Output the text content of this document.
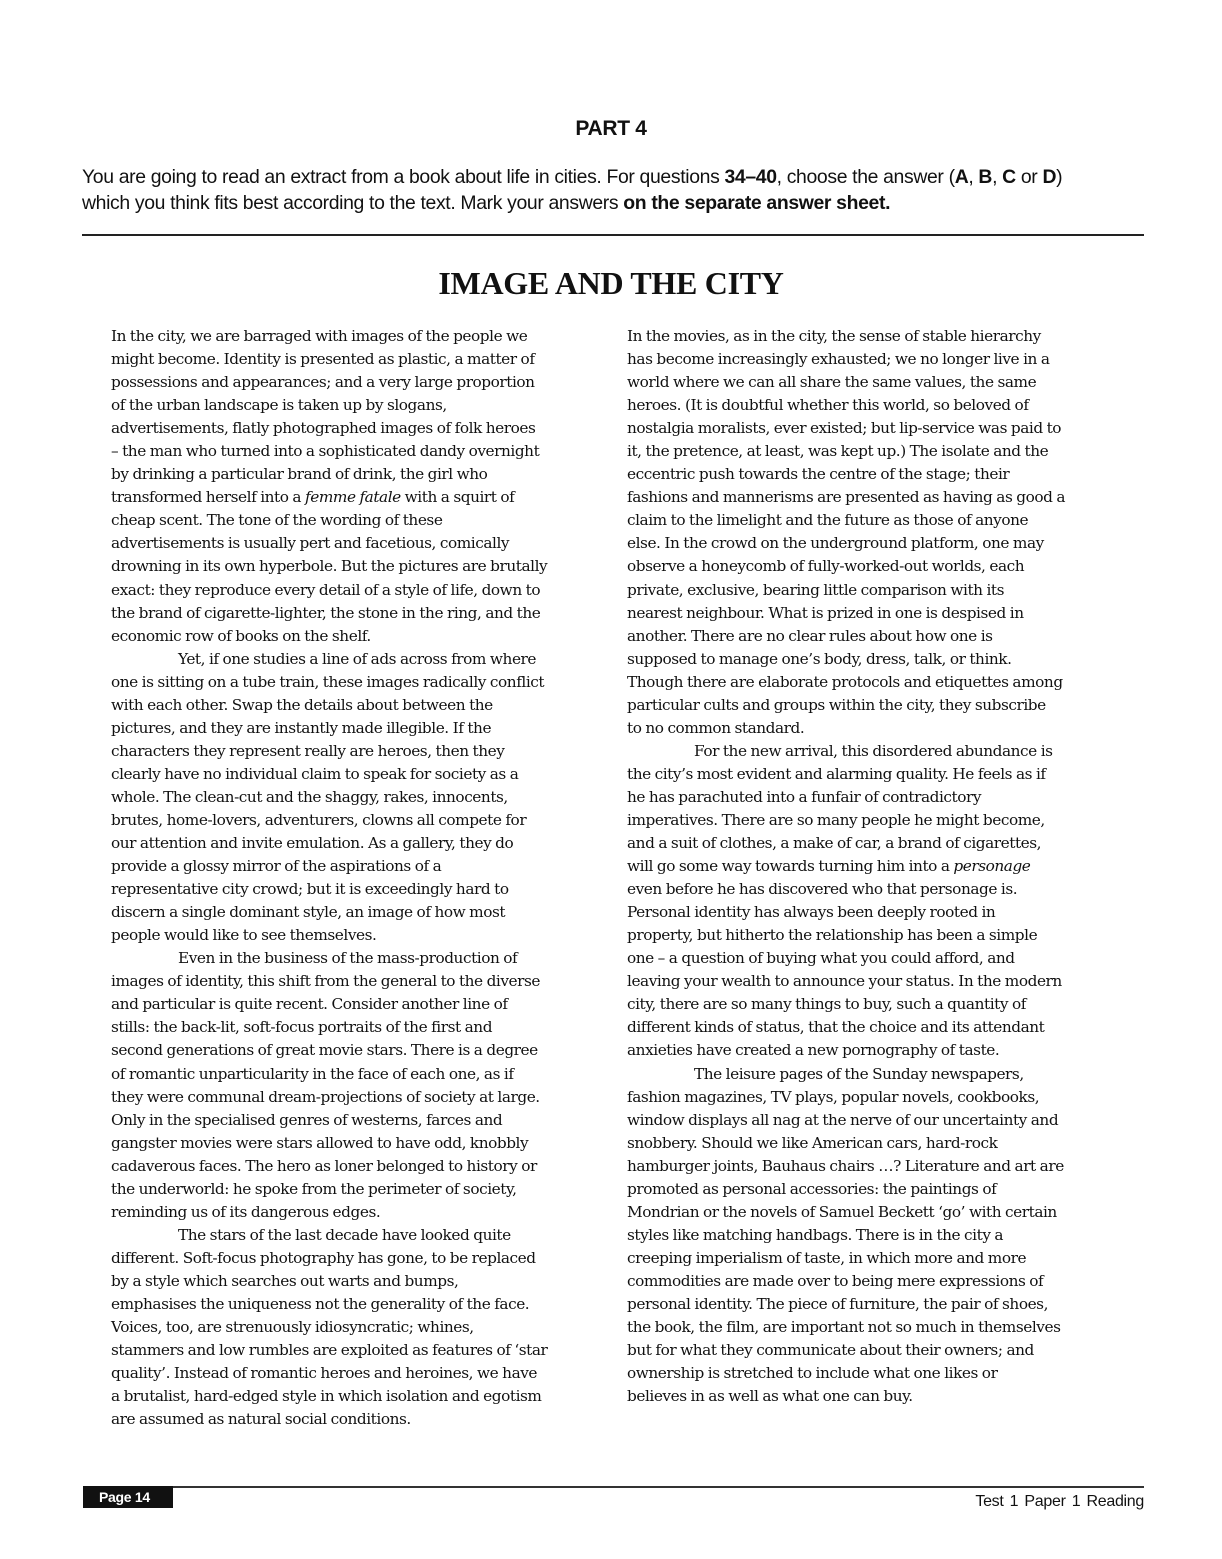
PART 4
You are going to read an extract from a book about life in cities. For questions 34–40, choose the answer (A, B, C or D)
which you think fits best according to the text. Mark your answers on the separate answer sheet.
IMAGE AND THE CITY
In the city, we are barraged with images of the people we
might become. Identity is presented as plastic, a matter of
possessions and appearances; and a very large proportion
of the urban landscape is taken up by slogans,
advertisements, flatly photographed images of folk heroes
– the man who turned into a sophisticated dandy overnight
by drinking a particular brand of drink, the girl who
transformed herself into a femme fatale with a squirt of
cheap scent. The tone of the wording of these
advertisements is usually pert and facetious, comically
drowning in its own hyperbole. But the pictures are brutally
exact: they reproduce every detail of a style of life, down to
the brand of cigarette-lighter, the stone in the ring, and the
economic row of books on the shelf.
Yet, if one studies a line of ads across from where
one is sitting on a tube train, these images radically conflict
with each other. Swap the details about between the
pictures, and they are instantly made illegible. If the
characters they represent really are heroes, then they
clearly have no individual claim to speak for society as a
whole. The clean-cut and the shaggy, rakes, innocents,
brutes, home-lovers, adventurers, clowns all compete for
our attention and invite emulation. As a gallery, they do
provide a glossy mirror of the aspirations of a
representative city crowd; but it is exceedingly hard to
discern a single dominant style, an image of how most
people would like to see themselves.
Even in the business of the mass-production of
images of identity, this shift from the general to the diverse
and particular is quite recent. Consider another line of
stills: the back-lit, soft-focus portraits of the first and
second generations of great movie stars. There is a degree
of romantic unparticularity in the face of each one, as if
they were communal dream-projections of society at large.
Only in the specialised genres of westerns, farces and
gangster movies were stars allowed to have odd, knobbly
cadaverous faces. The hero as loner belonged to history or
the underworld: he spoke from the perimeter of society,
reminding us of its dangerous edges.
The stars of the last decade have looked quite
different. Soft-focus photography has gone, to be replaced
by a style which searches out warts and bumps,
emphasises the uniqueness not the generality of the face.
Voices, too, are strenuously idiosyncratic; whines,
stammers and low rumbles are exploited as features of ‘star
quality’. Instead of romantic heroes and heroines, we have
a brutalist, hard-edged style in which isolation and egotism
are assumed as natural social conditions.
In the movies, as in the city, the sense of stable hierarchy
has become increasingly exhausted; we no longer live in a
world where we can all share the same values, the same
heroes. (It is doubtful whether this world, so beloved of
nostalgia moralists, ever existed; but lip-service was paid to
it, the pretence, at least, was kept up.) The isolate and the
eccentric push towards the centre of the stage; their
fashions and mannerisms are presented as having as good a
claim to the limelight and the future as those of anyone
else. In the crowd on the underground platform, one may
observe a honeycomb of fully-worked-out worlds, each
private, exclusive, bearing little comparison with its
nearest neighbour. What is prized in one is despised in
another. There are no clear rules about how one is
supposed to manage one’s body, dress, talk, or think.
Though there are elaborate protocols and etiquettes among
particular cults and groups within the city, they subscribe
to no common standard.
For the new arrival, this disordered abundance is
the city’s most evident and alarming quality. He feels as if
he has parachuted into a funfair of contradictory
imperatives. There are so many people he might become,
and a suit of clothes, a make of car, a brand of cigarettes,
will go some way towards turning him into a personage
even before he has discovered who that personage is.
Personal identity has always been deeply rooted in
property, but hitherto the relationship has been a simple
one – a question of buying what you could afford, and
leaving your wealth to announce your status. In the modern
city, there are so many things to buy, such a quantity of
different kinds of status, that the choice and its attendant
anxieties have created a new pornography of taste.
The leisure pages of the Sunday newspapers,
fashion magazines, TV plays, popular novels, cookbooks,
window displays all nag at the nerve of our uncertainty and
snobbery. Should we like American cars, hard-rock
hamburger joints, Bauhaus chairs …? Literature and art are
promoted as personal accessories: the paintings of
Mondrian or the novels of Samuel Beckett ‘go’ with certain
styles like matching handbags. There is in the city a
creeping imperialism of taste, in which more and more
commodities are made over to being mere expressions of
personal identity. The piece of furniture, the pair of shoes,
the book, the film, are important not so much in themselves
but for what they communicate about their owners; and
ownership is stretched to include what one likes or
believes in as well as what one can buy.
Page 14	Test 1 Paper 1 Reading
